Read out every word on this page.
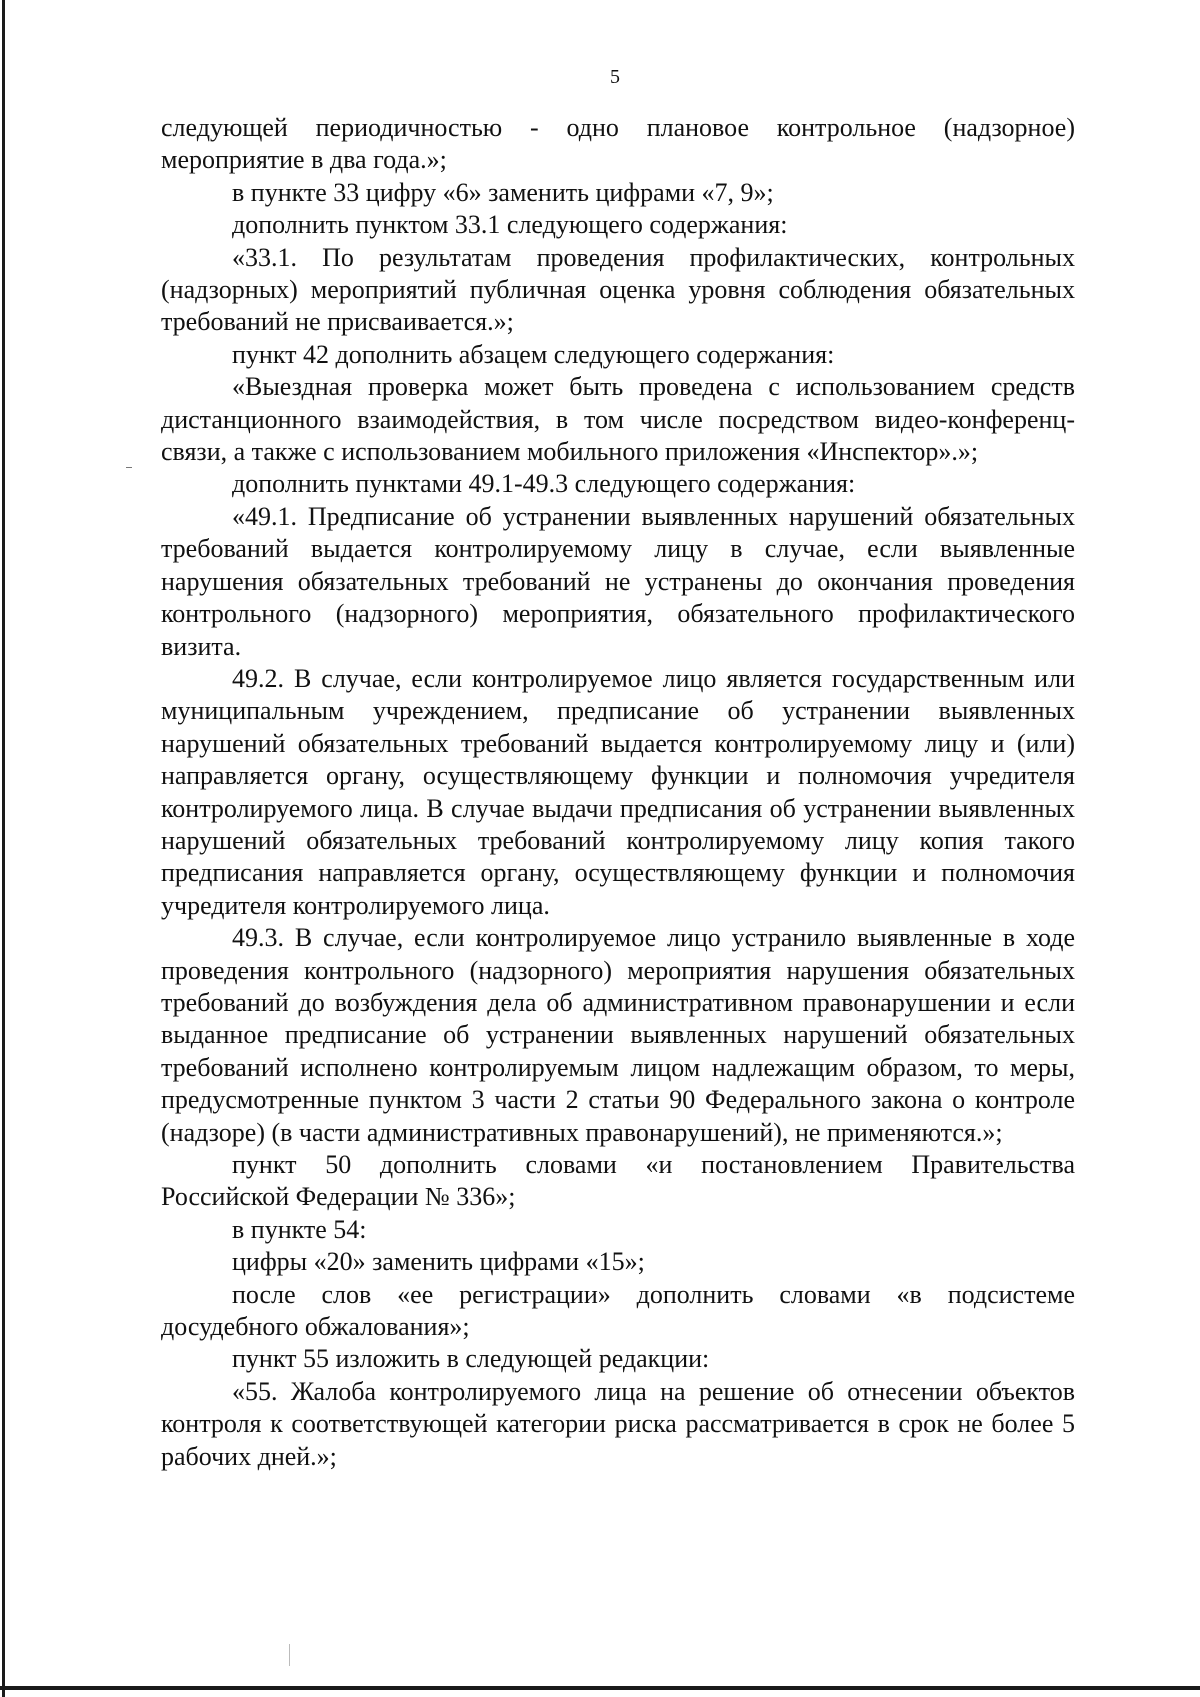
5

следующей периодичностью - одно плановое контрольное (надзорное) мероприятие в два года.»;

в пункте 33 цифру «6» заменить цифрами «7, 9»;

дополнить пунктом 33.1 следующего содержания:

«33.1. По результатам проведения профилактических, контрольных (надзорных) мероприятий публичная оценка уровня соблюдения обязательных требований не присваивается.»;

пункт 42 дополнить абзацем следующего содержания:

«Выездная проверка может быть проведена с использованием средств дистанционного взаимодействия, в том числе посредством видео-конференц-связи, а также с использованием мобильного приложения «Инспектор».»;

дополнить пунктами 49.1-49.3 следующего содержания:

«49.1. Предписание об устранении выявленных нарушений обязательных требований выдается контролируемому лицу в случае, если выявленные нарушения обязательных требований не устранены до окончания проведения контрольного (надзорного) мероприятия, обязательного профилактического визита.

49.2. В случае, если контролируемое лицо является государственным или муниципальным учреждением, предписание об устранении выявленных нарушений обязательных требований выдается контролируемому лицу и (или) направляется органу, осуществляющему функции и полномочия учредителя контролируемого лица. В случае выдачи предписания об устранении выявленных нарушений обязательных требований контролируемому лицу копия такого предписания направляется органу, осуществляющему функции и полномочия учредителя контролируемого лица.

49.3. В случае, если контролируемое лицо устранило выявленные в ходе проведения контрольного (надзорного) мероприятия нарушения обязательных требований до возбуждения дела об административном правонарушении и если выданное предписание об устранении выявленных нарушений обязательных требований исполнено контролируемым лицом надлежащим образом, то меры, предусмотренные пунктом 3 части 2 статьи 90 Федерального закона о контроле (надзоре) (в части административных правонарушений), не применяются.»;

пункт 50 дополнить словами «и постановлением Правительства Российской Федерации № 336»;

в пункте 54:

цифры «20» заменить цифрами «15»;

после слов «ее регистрации» дополнить словами «в подсистеме досудебного обжалования»;

пункт 55 изложить в следующей редакции:

«55. Жалоба контролируемого лица на решение об отнесении объектов контроля к соответствующей категории риска рассматривается в срок не более 5 рабочих дней.»;
